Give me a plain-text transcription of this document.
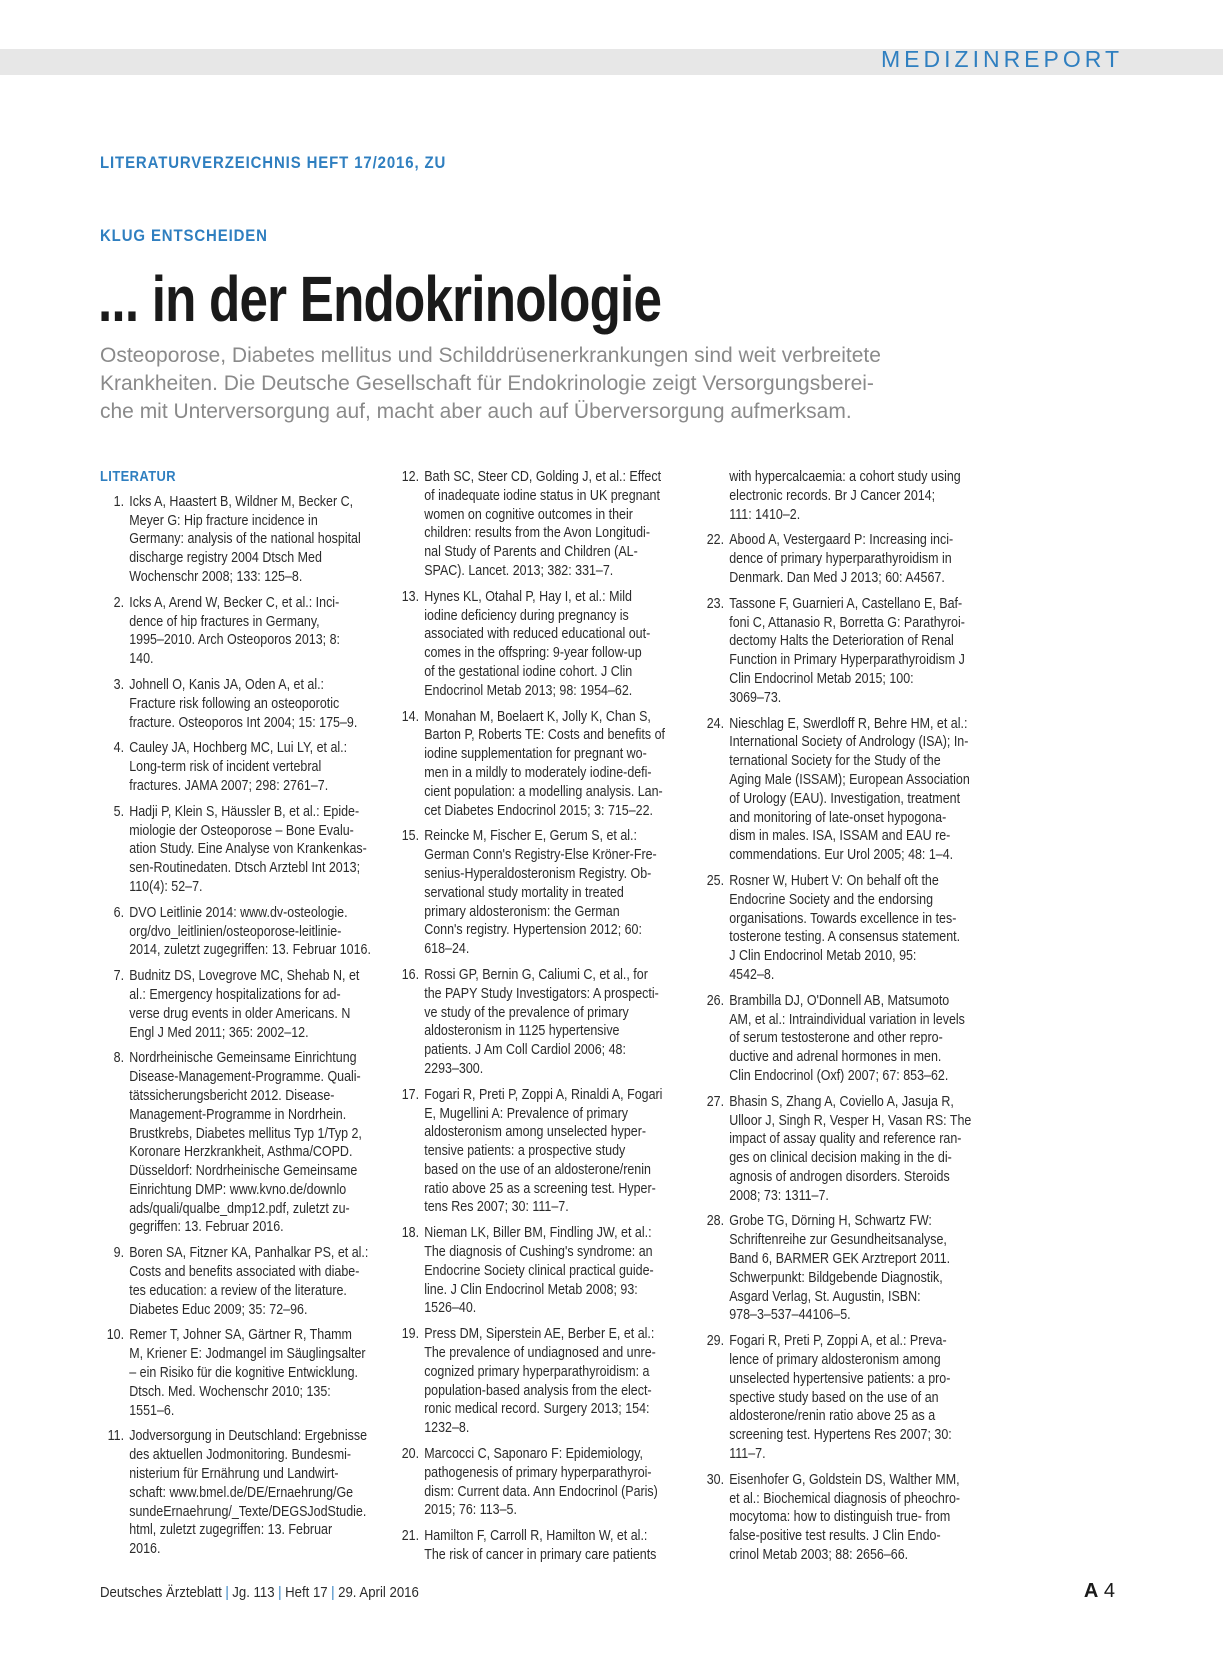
MEDIZINREPORT
LITERATURVERZEICHNIS HEFT 17/2016, ZU
KLUG ENTSCHEIDEN
... in der Endokrinologie

Osteoporose, Diabetes mellitus und Schilddrüsenerkrankungen sind weit verbreitete
Krankheiten. Die Deutsche Gesellschaft für Endokrinologie zeigt Versorgungsberei-
che mit Unterversorgung auf, macht aber auch auf Überversorgung aufmerksam.

LITERATUR
1. Icks A, Haastert B, Wildner M, Becker C,
Meyer G: Hip fracture incidence in
Germany: analysis of the national hospital
discharge registry 2004 Dtsch Med
Wochenschr 2008; 133: 125–8.
2. Icks A, Arend W, Becker C, et al.: Inci-
dence of hip fractures in Germany,
1995–2010. Arch Osteoporos 2013; 8:
140.
3. Johnell O, Kanis JA, Oden A, et al.:
Fracture risk following an osteoporotic
fracture. Osteoporos Int 2004; 15: 175–9.
4. Cauley JA, Hochberg MC, Lui LY, et al.:
Long-term risk of incident vertebral
fractures. JAMA 2007; 298: 2761–7.
5. Hadji P, Klein S, Häussler B, et al.: Epide-
miologie der Osteoporose – Bone Evalu-
ation Study. Eine Analyse von Krankenkas-
sen-Routinedaten. Dtsch Arztebl Int 2013;
110(4): 52–7.
6. DVO Leitlinie 2014: www.dv-osteologie.
org/dvo_leitlinien/osteoporose-leitlinie-
2014, zuletzt zugegriffen: 13. Februar 1016.
7. Budnitz DS, Lovegrove MC, Shehab N, et
al.: Emergency hospitalizations for ad-
verse drug events in older Americans. N
Engl J Med 2011; 365: 2002–12.
8. Nordrheinische Gemeinsame Einrichtung
Disease-Management-Programme. Quali-
tätssicherungsbericht 2012. Disease-
Management-Programme in Nordrhein.
Brustkrebs, Diabetes mellitus Typ 1/Typ 2,
Koronare Herzkrankheit, Asthma/COPD.
Düsseldorf: Nordrheinische Gemeinsame
Einrichtung DMP: www.kvno.de/downlo
ads/quali/qualbe_dmp12.pdf, zuletzt zu-
gegriffen: 13. Februar 2016.
9. Boren SA, Fitzner KA, Panhalkar PS, et al.:
Costs and benefits associated with diabe-
tes education: a review of the literature.
Diabetes Educ 2009; 35: 72–96.
10. Remer T, Johner SA, Gärtner R, Thamm
M, Kriener E: Jodmangel im Säuglingsalter
– ein Risiko für die kognitive Entwicklung.
Dtsch. Med. Wochenschr 2010; 135:
1551–6.
11. Jodversorgung in Deutschland: Ergebnisse
des aktuellen Jodmonitoring. Bundesmi-
nisterium für Ernährung und Landwirt-
schaft: www.bmel.de/DE/Ernaehrung/Ge
sundeErnaehrung/_Texte/DEGSJodStudie.
html, zuletzt zugegriffen: 13. Februar
2016.
12. Bath SC, Steer CD, Golding J, et al.: Effect
of inadequate iodine status in UK pregnant
women on cognitive outcomes in their
children: results from the Avon Longitudi-
nal Study of Parents and Children (AL-
SPAC). Lancet. 2013; 382: 331–7.
13. Hynes KL, Otahal P, Hay I, et al.: Mild
iodine deficiency during pregnancy is
associated with reduced educational out-
comes in the offspring: 9-year follow-up
of the gestational iodine cohort. J Clin
Endocrinol Metab 2013; 98: 1954–62.
14. Monahan M, Boelaert K, Jolly K, Chan S,
Barton P, Roberts TE: Costs and benefits of
iodine supplementation for pregnant wo-
men in a mildly to moderately iodine-defi-
cient population: a modelling analysis. Lan-
cet Diabetes Endocrinol 2015; 3: 715–22.
15. Reincke M, Fischer E, Gerum S, et al.:
German Conn's Registry-Else Kröner-Fre-
senius-Hyperaldosteronism Registry. Ob-
servational study mortality in treated
primary aldosteronism: the German
Conn's registry. Hypertension 2012; 60:
618–24.
16. Rossi GP, Bernin G, Caliumi C, et al., for
the PAPY Study Investigators: A prospecti-
ve study of the prevalence of primary
aldosteronism in 1125 hypertensive
patients. J Am Coll Cardiol 2006; 48:
2293–300.
17. Fogari R, Preti P, Zoppi A, Rinaldi A, Fogari
E, Mugellini A: Prevalence of primary
aldosteronism among unselected hyper-
tensive patients: a prospective study
based on the use of an aldosterone/renin
ratio above 25 as a screening test. Hyper-
tens Res 2007; 30: 111–7.
18. Nieman LK, Biller BM, Findling JW, et al.:
The diagnosis of Cushing's syndrome: an
Endocrine Society clinical practical guide-
line. J Clin Endocrinol Metab 2008; 93:
1526–40.
19. Press DM, Siperstein AE, Berber E, et al.:
The prevalence of undiagnosed and unre-
cognized primary hyperparathyroidism: a
population-based analysis from the elect-
ronic medical record. Surgery 2013; 154:
1232–8.
20. Marcocci C, Saponaro F: Epidemiology,
pathogenesis of primary hyperparathyroi-
dism: Current data. Ann Endocrinol (Paris)
2015; 76: 113–5.
21. Hamilton F, Carroll R, Hamilton W, et al.:
The risk of cancer in primary care patients
with hypercalcaemia: a cohort study using
electronic records. Br J Cancer 2014;
111: 1410–2.
22. Abood A, Vestergaard P: Increasing inci-
dence of primary hyperparathyroidism in
Denmark. Dan Med J 2013; 60: A4567.
23. Tassone F, Guarnieri A, Castellano E, Baf-
foni C, Attanasio R, Borretta G: Parathyroi-
dectomy Halts the Deterioration of Renal
Function in Primary Hyperparathyroidism J
Clin Endocrinol Metab 2015; 100:
3069–73.
24. Nieschlag E, Swerdloff R, Behre HM, et al.:
International Society of Andrology (ISA); In-
ternational Society for the Study of the
Aging Male (ISSAM); European Association
of Urology (EAU). Investigation, treatment
and monitoring of late-onset hypogona-
dism in males. ISA, ISSAM and EAU re-
commendations. Eur Urol 2005; 48: 1–4.
25. Rosner W, Hubert V: On behalf oft the
Endocrine Society and the endorsing
organisations. Towards excellence in tes-
tosterone testing. A consensus statement.
J Clin Endocrinol Metab 2010, 95:
4542–8.
26. Brambilla DJ, O'Donnell AB, Matsumoto
AM, et al.: Intraindividual variation in levels
of serum testosterone and other repro-
ductive and adrenal hormones in men.
Clin Endocrinol (Oxf) 2007; 67: 853–62.
27. Bhasin S, Zhang A, Coviello A, Jasuja R,
Ulloor J, Singh R, Vesper H, Vasan RS: The
impact of assay quality and reference ran-
ges on clinical decision making in the di-
agnosis of androgen disorders. Steroids
2008; 73: 1311–7.
28. Grobe TG, Dörning H, Schwartz FW:
Schriftenreihe zur Gesundheitsanalyse,
Band 6, BARMER GEK Arztreport 2011.
Schwerpunkt: Bildgebende Diagnostik,
Asgard Verlag, St. Augustin, ISBN:
978–3–537–44106–5.
29. Fogari R, Preti P, Zoppi A, et al.: Preva-
lence of primary aldosteronism among
unselected hypertensive patients: a pro-
spective study based on the use of an
aldosterone/renin ratio above 25 as a
screening test. Hypertens Res 2007; 30:
111–7.
30. Eisenhofer G, Goldstein DS, Walther MM,
et al.: Biochemical diagnosis of pheochro-
mocytoma: how to distinguish true- from
false-positive test results. J Clin Endo-
crinol Metab 2003; 88: 2656–66.
Deutsches Ärzteblatt | Jg. 113 | Heft 17 | 29. April 2016	A 4
